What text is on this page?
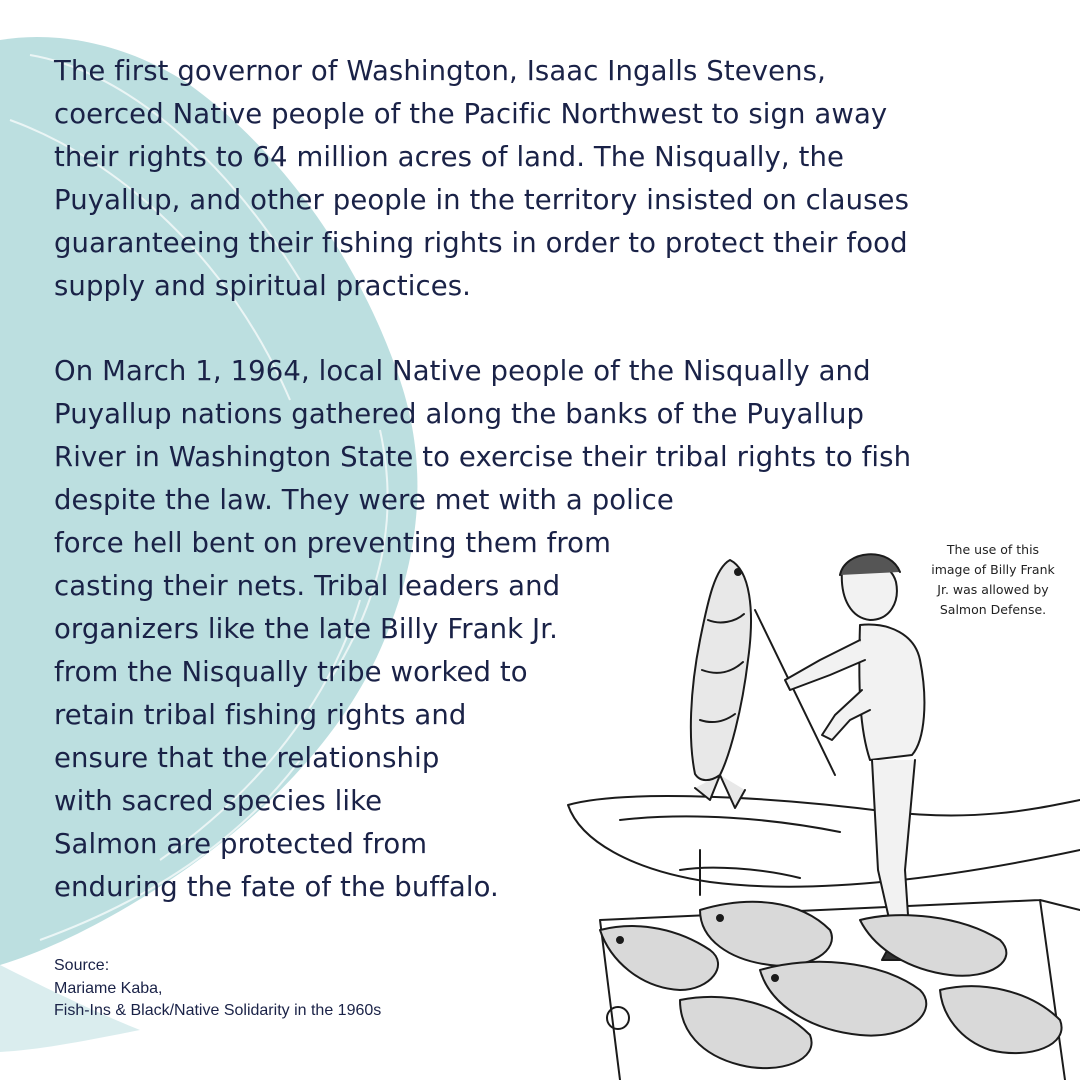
The first governor of Washington, Isaac Ingalls Stevens,
coerced Native people of the Pacific Northwest to sign away
their rights to 64 million acres of land. The Nisqually, the
Puyallup, and other people in the territory insisted on clauses
guaranteeing their fishing rights in order to protect their food
supply and spiritual practices.

On March 1, 1964, local Native people of the Nisqually and
Puyallup nations gathered along the banks of the Puyallup
River in Washington State to exercise their tribal rights to fish
despite the law. They were met with a police
force hell bent on preventing them from
casting their nets. Tribal leaders and
organizers like the late Billy Frank Jr.
from the Nisqually tribe worked to
retain tribal fishing rights and
ensure that the relationship
with sacred species like
Salmon are protected from
enduring the fate of the buffalo.

Source:
Mariame Kaba,
Fish-Ins & Black/Native Solidarity in the 1960s

The use of this
image of Billy Frank
Jr. was allowed by
Salmon Defense.
